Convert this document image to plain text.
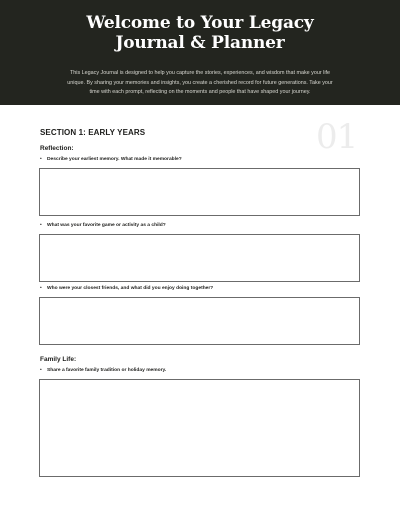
Welcome to Your Legacy
Journal & Planner
This Legacy Journal is designed to help you capture the stories, experiences, and wisdom that make your life
unique. By sharing your memories and insights, you create a cherished record for future generations. Take your
time with each prompt, reflecting on the moments and people that have shaped your journey.
SECTION 1: EARLY YEARS	01
Reflection:
• Describe your earliest memory. What made it memorable?
• What was your favorite game or activity as a child?
• Who were your closest friends, and what did you enjoy doing together?
Family Life:
• Share a favorite family tradition or holiday memory.
